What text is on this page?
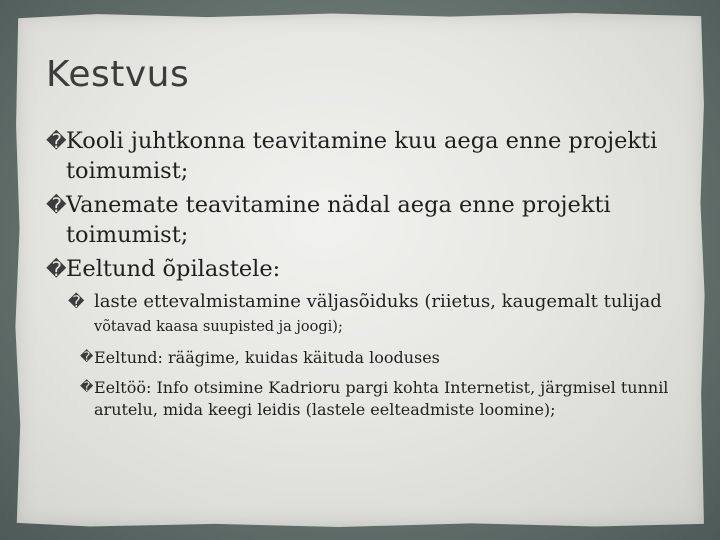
Kestvus

� Kooli juhtkonna teavitamine kuu aega enne projekti toimumist;

� Vanemate teavitamine nädal aega enne projekti toimumist;

� Eeltund õpilastele:

� laste ettevalmistamine väljasõiduks (riietus, kaugemalt tulijad võtavad kaasa suupisted ja joogi);

� Eeltund: räägime, kuidas käituda looduses

� Eeltöö: Info otsimine Kadrioru pargi kohta Internetist, järgmisel tunnil arutelu, mida keegi leidis (lastele eelteadmiste loomine);
